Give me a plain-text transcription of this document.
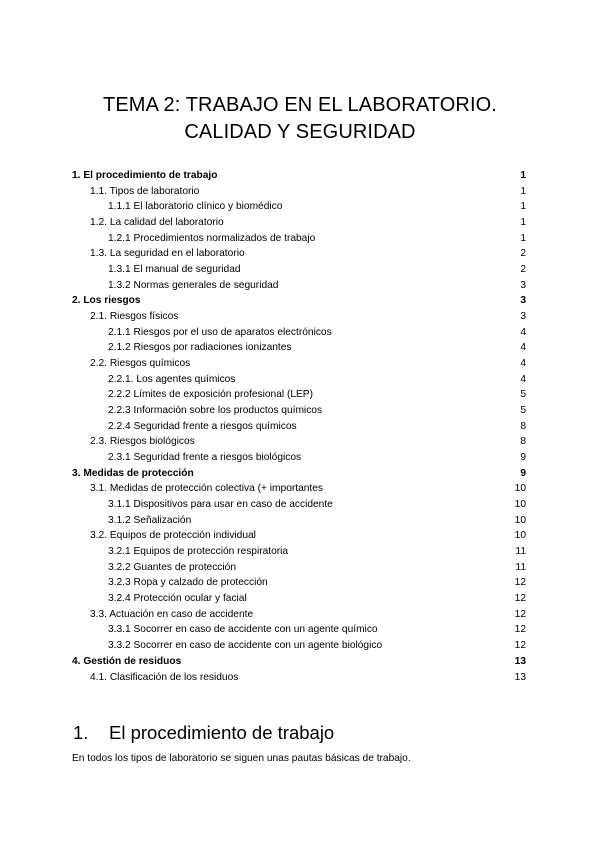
TEMA 2: TRABAJO EN EL LABORATORIO.
CALIDAD Y SEGURIDAD
1. El procedimiento de trabajo	1
1.1. Tipos de laboratorio	1
1.1.1 El laboratorio clínico y biomédico	1
1.2. La calidad del laboratorio	1
1.2.1 Procedimientos normalizados de trabajo	1
1.3. La seguridad en el laboratorio	2
1.3.1 El manual de seguridad	2
1.3.2 Normas generales de seguridad	3
2. Los riesgos	3
2.1. Riesgos físicos	3
2.1.1 Riesgos por el uso de aparatos electrónicos	4
2.1.2 Riesgos por radiaciones ionizantes	4
2.2. Riesgos químicos	4
2.2.1. Los agentes químicos	4
2.2.2 Límites de exposición profesional (LEP)	5
2.2.3 Información sobre los productos químicos	5
2.2.4 Seguridad frente a riesgos químicos	8
2.3. Riesgos biológicos	8
2.3.1 Seguridad frente a riesgos biológicos	9
3. Medidas de protección	9
3.1. Medidas de protección colectiva (+ importantes	10
3.1.1 Dispositivos para usar en caso de accidente	10
3.1.2 Señalización	10
3.2. Equipos de protección individual	10
3.2.1 Equipos de protección respiratoria	11
3.2.2 Guantes de protección	11
3.2.3 Ropa y calzado de protección	12
3.2.4 Protección ocular y facial	12
3.3. Actuación en caso de accidente	12
3.3.1 Socorrer en caso de accidente con un agente químico	12
3.3.2 Socorrer en caso de accidente con un agente biológico	12
4. Gestión de residuos	13
4.1. Clasificación de los residuos	13
1. El procedimiento de trabajo
En todos los tipos de laboratorio se siguen unas pautas básicas de trabajo.
